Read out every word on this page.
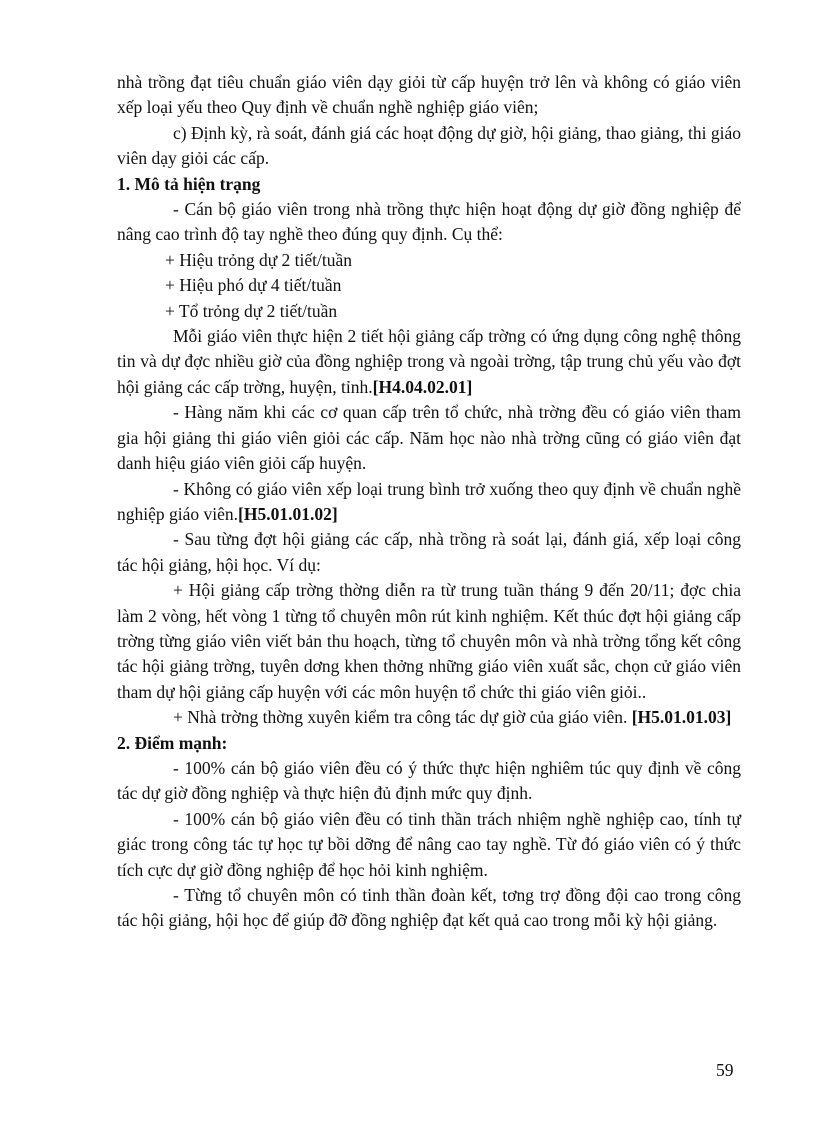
nhà trồng đạt tiêu chuẩn giáo viên dạy giỏi từ cấp huyện trở lên và không có giáo viên xếp loại yếu theo Quy định về chuẩn nghề nghiệp giáo viên;

c) Định kỳ, rà soát, đánh giá các hoạt động dự giờ, hội giảng, thao giảng, thi giáo viên dạy giỏi các cấp.

1. Mô tả hiện trạng

- Cán bộ giáo viên trong nhà trồng thực hiện hoạt động dự giờ đồng nghiệp để nâng cao trình độ tay nghề theo đúng quy định. Cụ thể:

+ Hiệu trỏng dự 2 tiết/tuần

+ Hiệu phó dự 4 tiết/tuần

+ Tổ trỏng dự 2 tiết/tuần

Mỗi giáo viên thực hiện 2 tiết hội giảng cấp trờng có ứng dụng công nghệ thông tin và dự đợc nhiều giờ của đồng nghiệp trong và ngoài trờng, tập trung chủ yếu vào đợt hội giảng các cấp trờng, huyện, tỉnh.[H4.04.02.01]

- Hàng năm khi các cơ quan cấp trên tổ chức, nhà trờng đều có giáo viên tham gia hội giảng thi giáo viên giỏi các cấp. Năm học nào nhà trờng cũng có giáo viên đạt danh hiệu giáo viên giỏi cấp huyện.

- Không có giáo viên xếp loại trung bình trở xuống theo quy định về chuẩn nghề nghiệp giáo viên.[H5.01.01.02]

- Sau từng đợt hội giảng các cấp, nhà trồng rà soát lại, đánh giá, xếp loại công tác hội giảng, hội học. Ví dụ:

+ Hội giảng cấp trờng thờng diễn ra từ trung tuần tháng 9 đến 20/11; đợc chia làm 2 vòng, hết vòng 1 từng tổ chuyên môn rút kinh nghiệm. Kết thúc đợt hội giảng cấp trờng từng giáo viên viết bản thu hoạch, từng tổ chuyên môn và nhà trờng tổng kết công tác hội giảng trờng, tuyên dơng khen thởng những giáo viên xuất sắc, chọn cử giáo viên tham dự hội giảng cấp huyện với các môn huyện tổ chức thi giáo viên giỏi..

+ Nhà trờng thờng xuyên kiểm tra công tác dự giờ của giáo viên. [H5.01.01.03]

2. Điểm mạnh:

- 100% cán bộ giáo viên đều có ý thức thực hiện nghiêm túc quy định về công tác dự giờ đồng nghiệp và thực hiện đủ định mức quy định.

- 100% cán bộ giáo viên đều có tinh thần trách nhiệm nghề nghiệp cao, tính tự giác trong công tác tự học tự bồi dỡng để nâng cao tay nghề. Từ đó giáo viên có ý thức tích cực dự giờ đồng nghiệp để học hỏi kinh nghiệm.

- Từng tổ chuyên môn có tinh thần đoàn kết, tơng trợ đồng đội cao trong công tác hội giảng, hội học để giúp đỡ đồng nghiệp đạt kết quả cao trong mỗi kỳ hội giảng.

59
